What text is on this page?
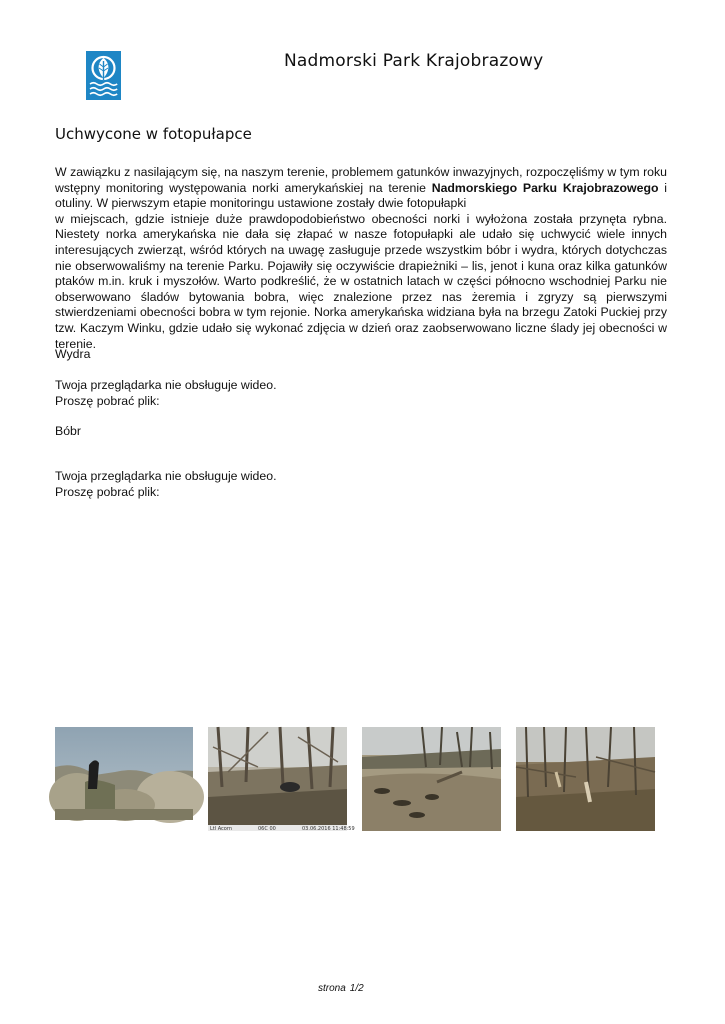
Nadmorski Park Krajobrazowy
Uchwycone w fotopułapce

W zawiązku z nasilającym się, na naszym terenie, problemem gatunków inwazyjnych, rozpoczęliśmy w tym roku wstępny monitoring występowania norki amerykańskiej na terenie Nadmorskiego Parku Krajobrazowego i otuliny. W pierwszym etapie monitoringu ustawione zostały dwie fotopułapki
w miejscach, gdzie istnieje duże prawdopodobieństwo obecności norki i wyłożona została przynęta rybna. Niestety norka amerykańska nie dała się złapać w nasze fotopułapki ale udało się uchwycić wiele innych interesujących zwierząt, wśród których na uwagę zasługuje przede wszystkim bóbr i wydra, których dotychczas nie obserwowaliśmy na terenie Parku. Pojawiły się oczywiście drapieżniki – lis, jenot i kuna oraz kilka gatunków ptaków m.in. kruk i myszołów. Warto podkreślić, że w ostatnich latach w części północno wschodniej Parku nie obserwowano śladów bytowania bobra, więc znalezione przez nas żeremia i zgryzy są pierwszymi stwierdzeniami obecności bobra w tym rejonie. Norka amerykańska widziana była na brzegu Zatoki Puckiej przy tzw. Kaczym Winku, gdzie udało się wykonać zdjęcia w dzień oraz zaobserwowano liczne ślady jej obecności w terenie.

Wydra
Twoja przeglądarka nie obsługuje wideo.
Proszę pobrać plik:
Bóbr
Twoja przeglądarka nie obsługuje wideo.
Proszę pobrać plik:
Ltl Acorn	06C 00	03.06.2016 11:48:59
strona 1/2
